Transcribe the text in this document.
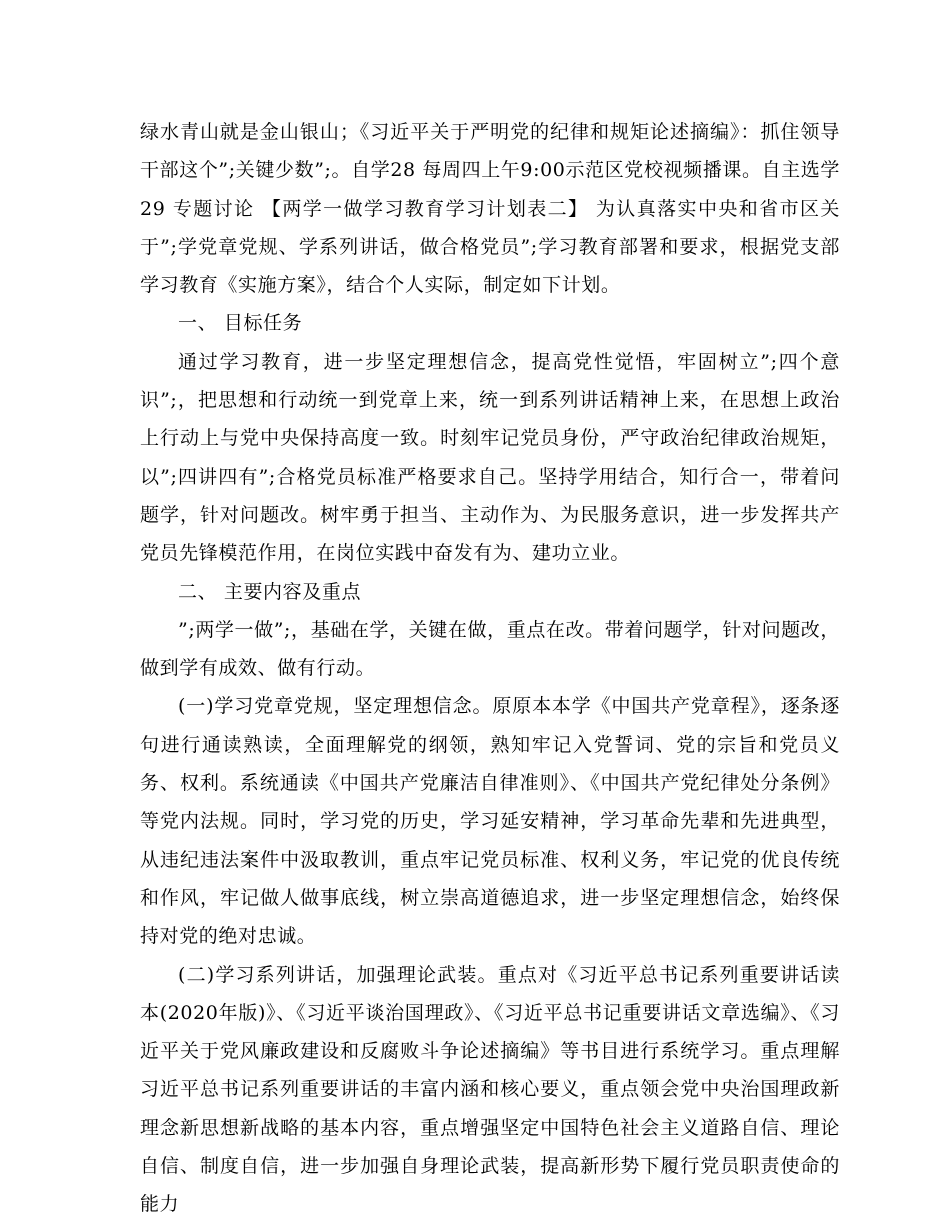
绿水青山就是金山银山；《习近平关于严明党的纪律和规矩论述摘编》：抓住领导干部这个”;关键少数”;。自学28 每周四上午9:00示范区党校视频播课。自主选学29 专题讨论 【两学一做学习教育学习计划表二】 为认真落实中央和省市区关于”;学党章党规、学系列讲话，做合格党员”;学习教育部署和要求，根据党支部学习教育《实施方案》，结合个人实际，制定如下计划。

一、 目标任务

通过学习教育，进一步坚定理想信念，提高党性觉悟，牢固树立”;四个意识”;，把思想和行动统一到党章上来，统一到系列讲话精神上来，在思想上政治上行动上与党中央保持高度一致。时刻牢记党员身份，严守政治纪律政治规矩，以”;四讲四有”;合格党员标准严格要求自己。坚持学用结合，知行合一，带着问题学，针对问题改。树牢勇于担当、主动作为、为民服务意识，进一步发挥共产党员先锋模范作用，在岗位实践中奋发有为、建功立业。

二、 主要内容及重点

”;两学一做”;，基础在学，关键在做，重点在改。带着问题学，针对问题改，做到学有成效、做有行动。

(一)学习党章党规，坚定理想信念。原原本本学《中国共产党章程》，逐条逐句进行通读熟读，全面理解党的纲领，熟知牢记入党誓词、党的宗旨和党员义务、权利。系统通读《中国共产党廉洁自律准则》、《中国共产党纪律处分条例》等党内法规。同时，学习党的历史，学习延安精神，学习革命先辈和先进典型，从违纪违法案件中汲取教训，重点牢记党员标准、权利义务，牢记党的优良传统和作风，牢记做人做事底线，树立崇高道德追求，进一步坚定理想信念，始终保持对党的绝对忠诚。

(二)学习系列讲话，加强理论武装。重点对《习近平总书记系列重要讲话读本(2020年版)》、《习近平谈治国理政》、《习近平总书记重要讲话文章选编》、《习近平关于党风廉政建设和反腐败斗争论述摘编》等书目进行系统学习。重点理解习近平总书记系列重要讲话的丰富内涵和核心要义，重点领会党中央治国理政新理念新思想新战略的基本内容，重点增强坚定中国特色社会主义道路自信、理论自信、制度自信，进一步加强自身理论武装，提高新形势下履行党员职责使命的能力
